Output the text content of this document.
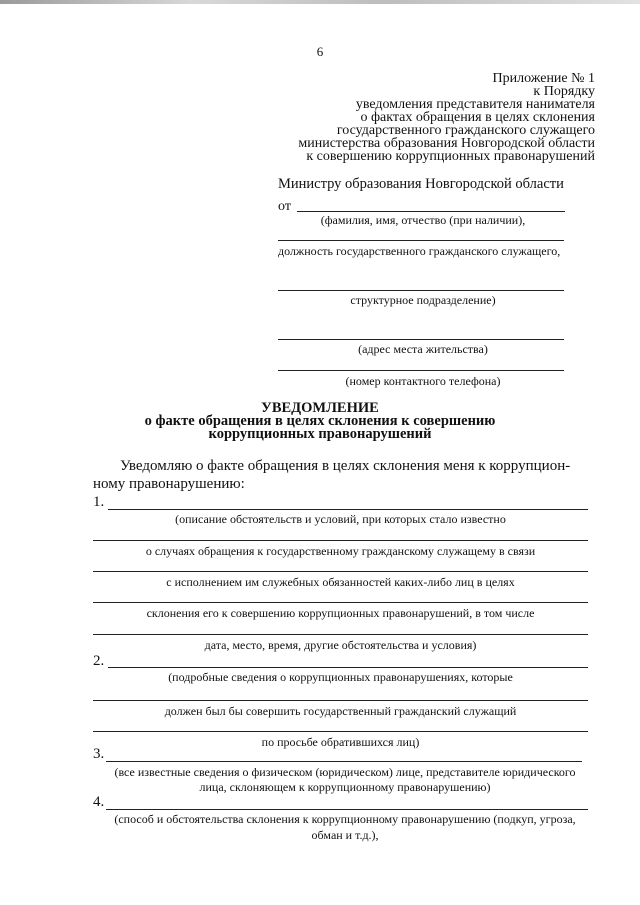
6
Приложение № 1
к Порядку
уведомления представителя нанимателя
о фактах обращения в целях склонения
государственного гражданского служащего
министерства образования Новгородской области
к совершению коррупционных правонарушений
Министру образования Новгородской области
от
(фамилия, имя, отчество (при наличии),
должность государственного гражданского служащего,
структурное подразделение)
(адрес места жительства)
(номер контактного телефона)
УВЕДОМЛЕНИЕ
о факте обращения в целях склонения к совершению
коррупционных правонарушений
Уведомляю о факте обращения в целях склонения меня к коррупцион-
ному правонарушению:
1.
(описание обстоятельств и условий, при которых стало известно
о случаях обращения к государственному гражданскому служащему в связи
с исполнением им служебных обязанностей каких-либо лиц в целях
склонения его к совершению коррупционных правонарушений, в том числе
дата, место, время, другие обстоятельства и условия)
2.
(подробные сведения о коррупционных правонарушениях, которые
должен был бы совершить государственный гражданский служащий
по просьбе обратившихся лиц)
3.
(все известные сведения о физическом (юридическом) лице, представителе юридического
лица, склоняющем к коррупционному правонарушению)
4.
(способ и обстоятельства склонения к коррупционному правонарушению (подкуп, угроза,
обман и т.д.),
